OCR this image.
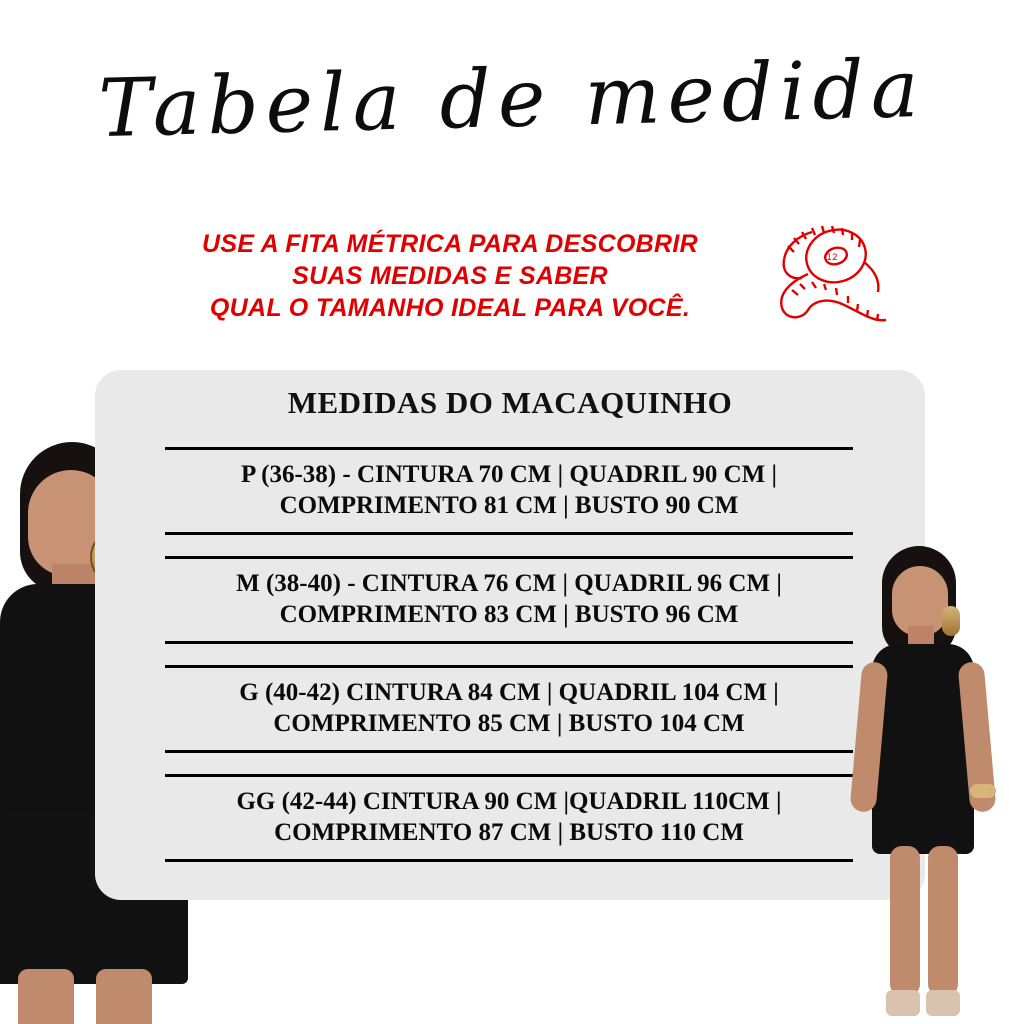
Tabela de medida
USE A FITA MÉTRICA PARA DESCOBRIR
SUAS MEDIDAS E SABER
QUAL O TAMANHO IDEAL PARA VOCÊ.
12
MEDIDAS DO MACAQUINHO
P (36-38) - CINTURA 70 CM | QUADRIL 90 CM |
COMPRIMENTO 81 CM | BUSTO 90 CM
M (38-40) - CINTURA 76 CM | QUADRIL 96 CM |
COMPRIMENTO 83 CM | BUSTO 96 CM
G (40-42) CINTURA 84 CM | QUADRIL 104 CM |
COMPRIMENTO 85 CM | BUSTO 104 CM
GG (42-44) CINTURA 90 CM |QUADRIL 110CM |
COMPRIMENTO 87 CM | BUSTO 110 CM
